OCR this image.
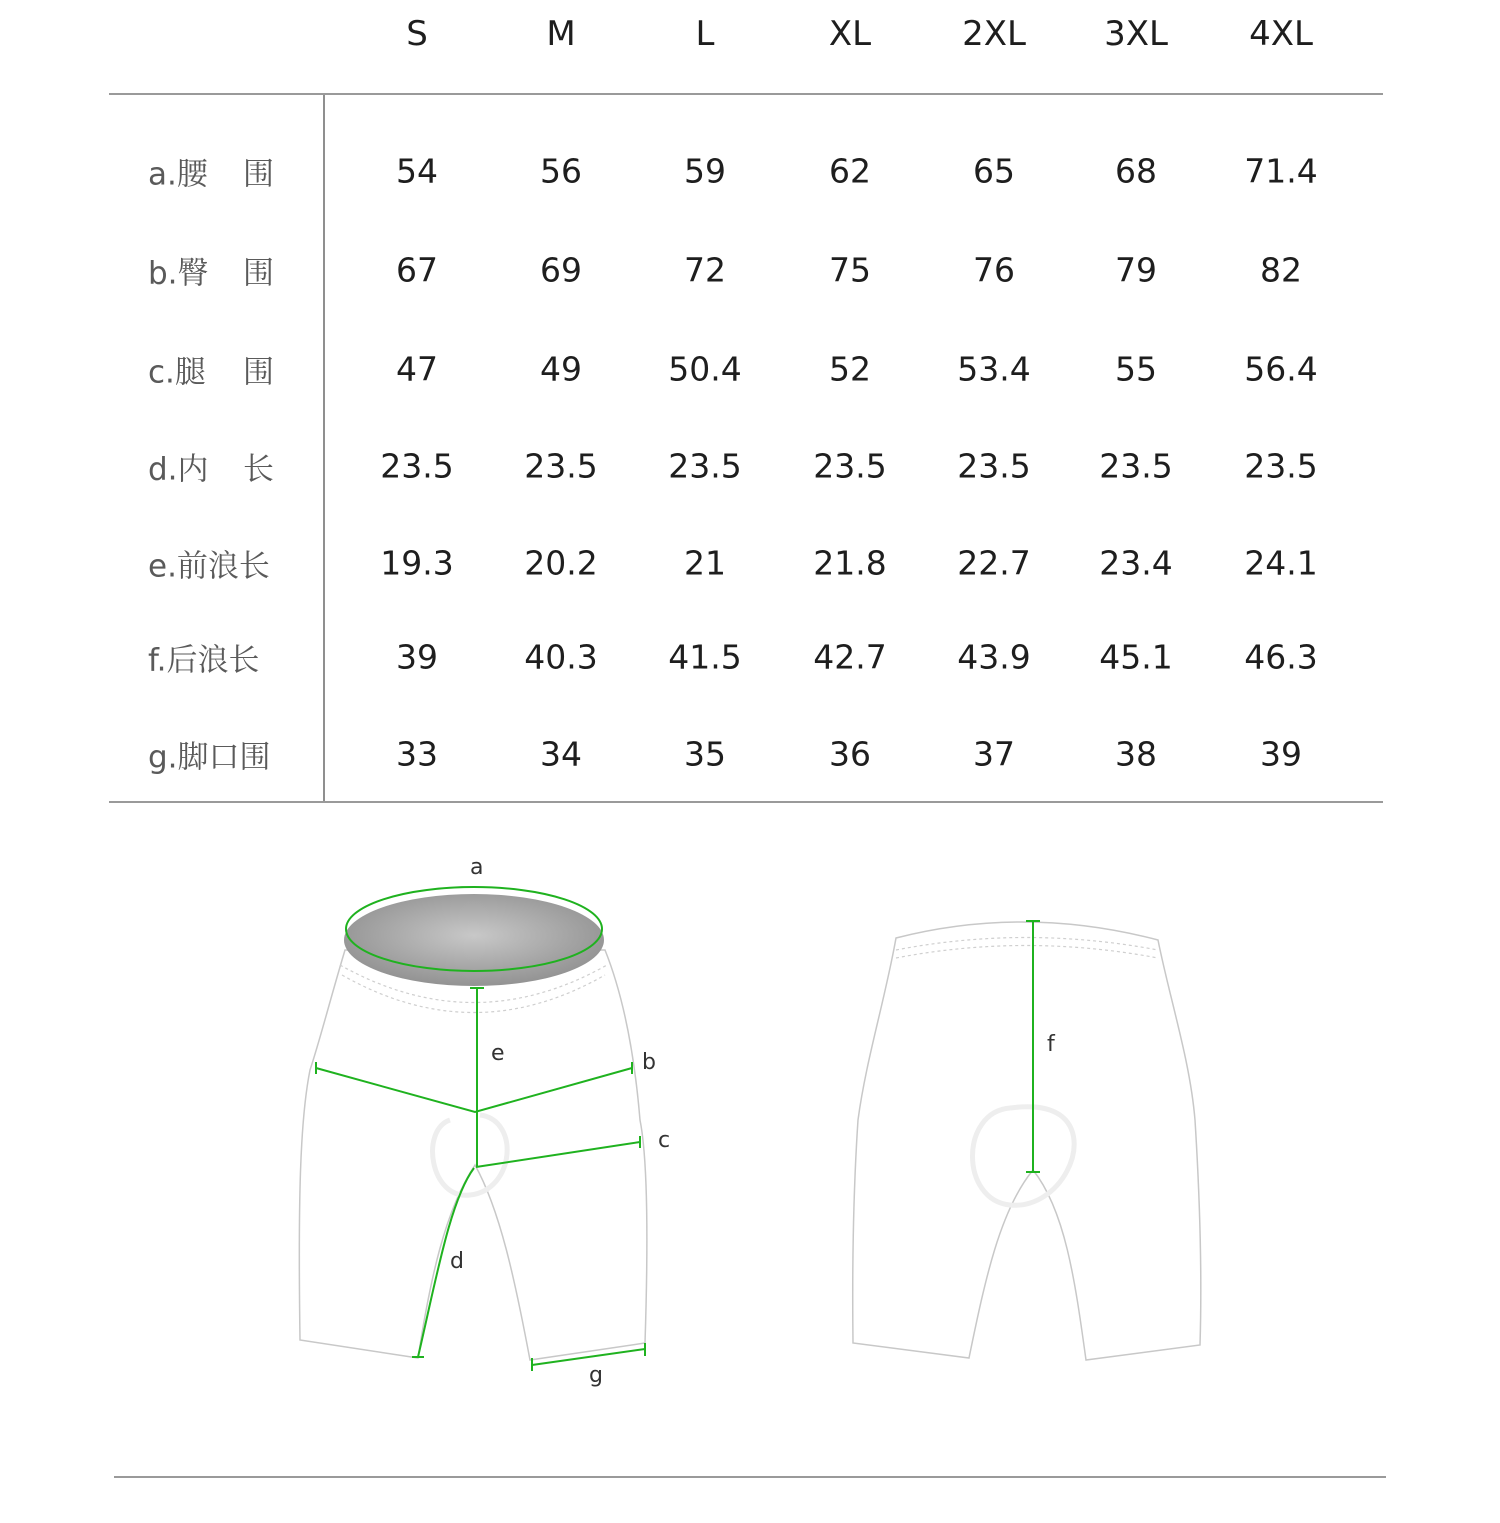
S	M	L	XL	2XL 3XL 4XL
a.腰 围	54	56	59	62	65	68	71.4
b.臀 围	67	69	72	75	76	79	82
c.腿 围	47	49	50.4	52	53.4	55	56.4
d.内 长	23.5 23.5 23.5 23.5 23.5 23.5 23.5
e.前浪长	19.3 20.2	21	21.8 22.7 23.4 24.1
f.后浪长	39	40.3 41.5 42.7 43.9 45.1 46.3
g.脚口围	33	34	35	36	37	38	39
a
e	b
c
d
g
f
